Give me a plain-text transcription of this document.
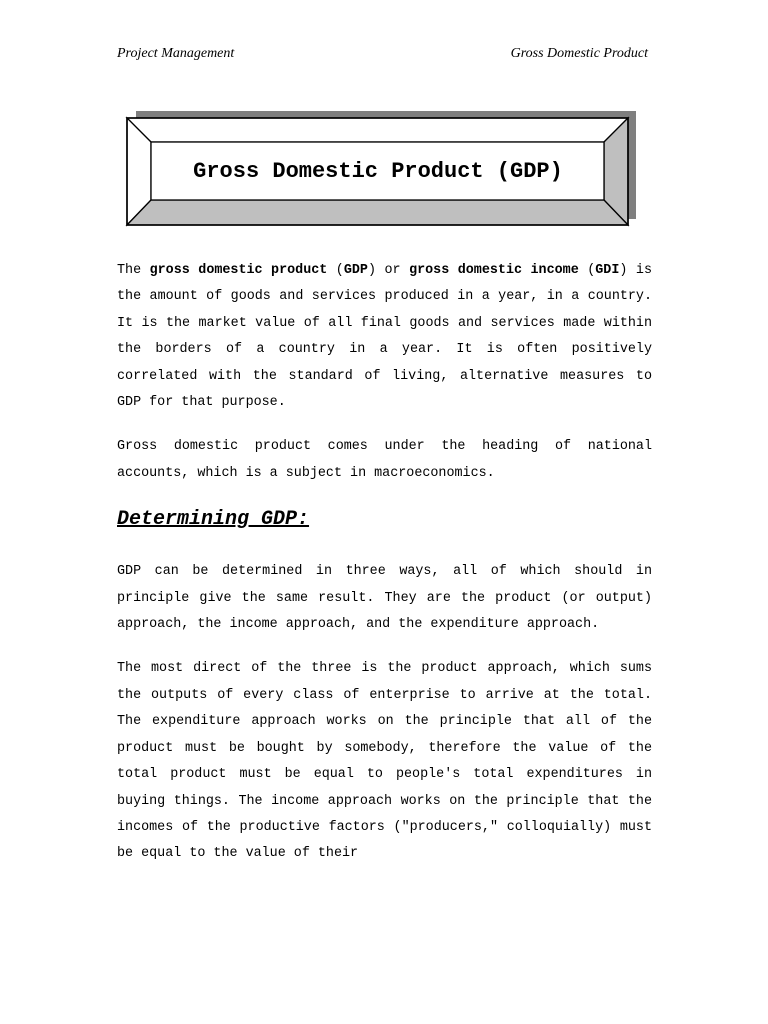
Project Management	Gross Domestic Product
Gross Domestic Product (GDP)

The gross domestic product (GDP) or gross domestic income (GDI) is the amount of goods and services produced in a year, in a country. It is the market value of all final goods and services made within the borders of a country in a year. It is often positively correlated with the standard of living, alternative measures to GDP for that purpose.

Gross domestic product comes under the heading of national accounts, which is a subject in macroeconomics.

Determining GDP:

GDP can be determined in three ways, all of which should in principle give the same result. They are the product (or output) approach, the income approach, and the expenditure approach.

The most direct of the three is the product approach, which sums the outputs of every class of enterprise to arrive at the total. The expenditure approach works on the principle that all of the product must be bought by somebody, therefore the value of the total product must be equal to people's total expenditures in buying things. The income approach works on the principle that the incomes of the productive factors ("producers," colloquially) must be equal to the value of their
